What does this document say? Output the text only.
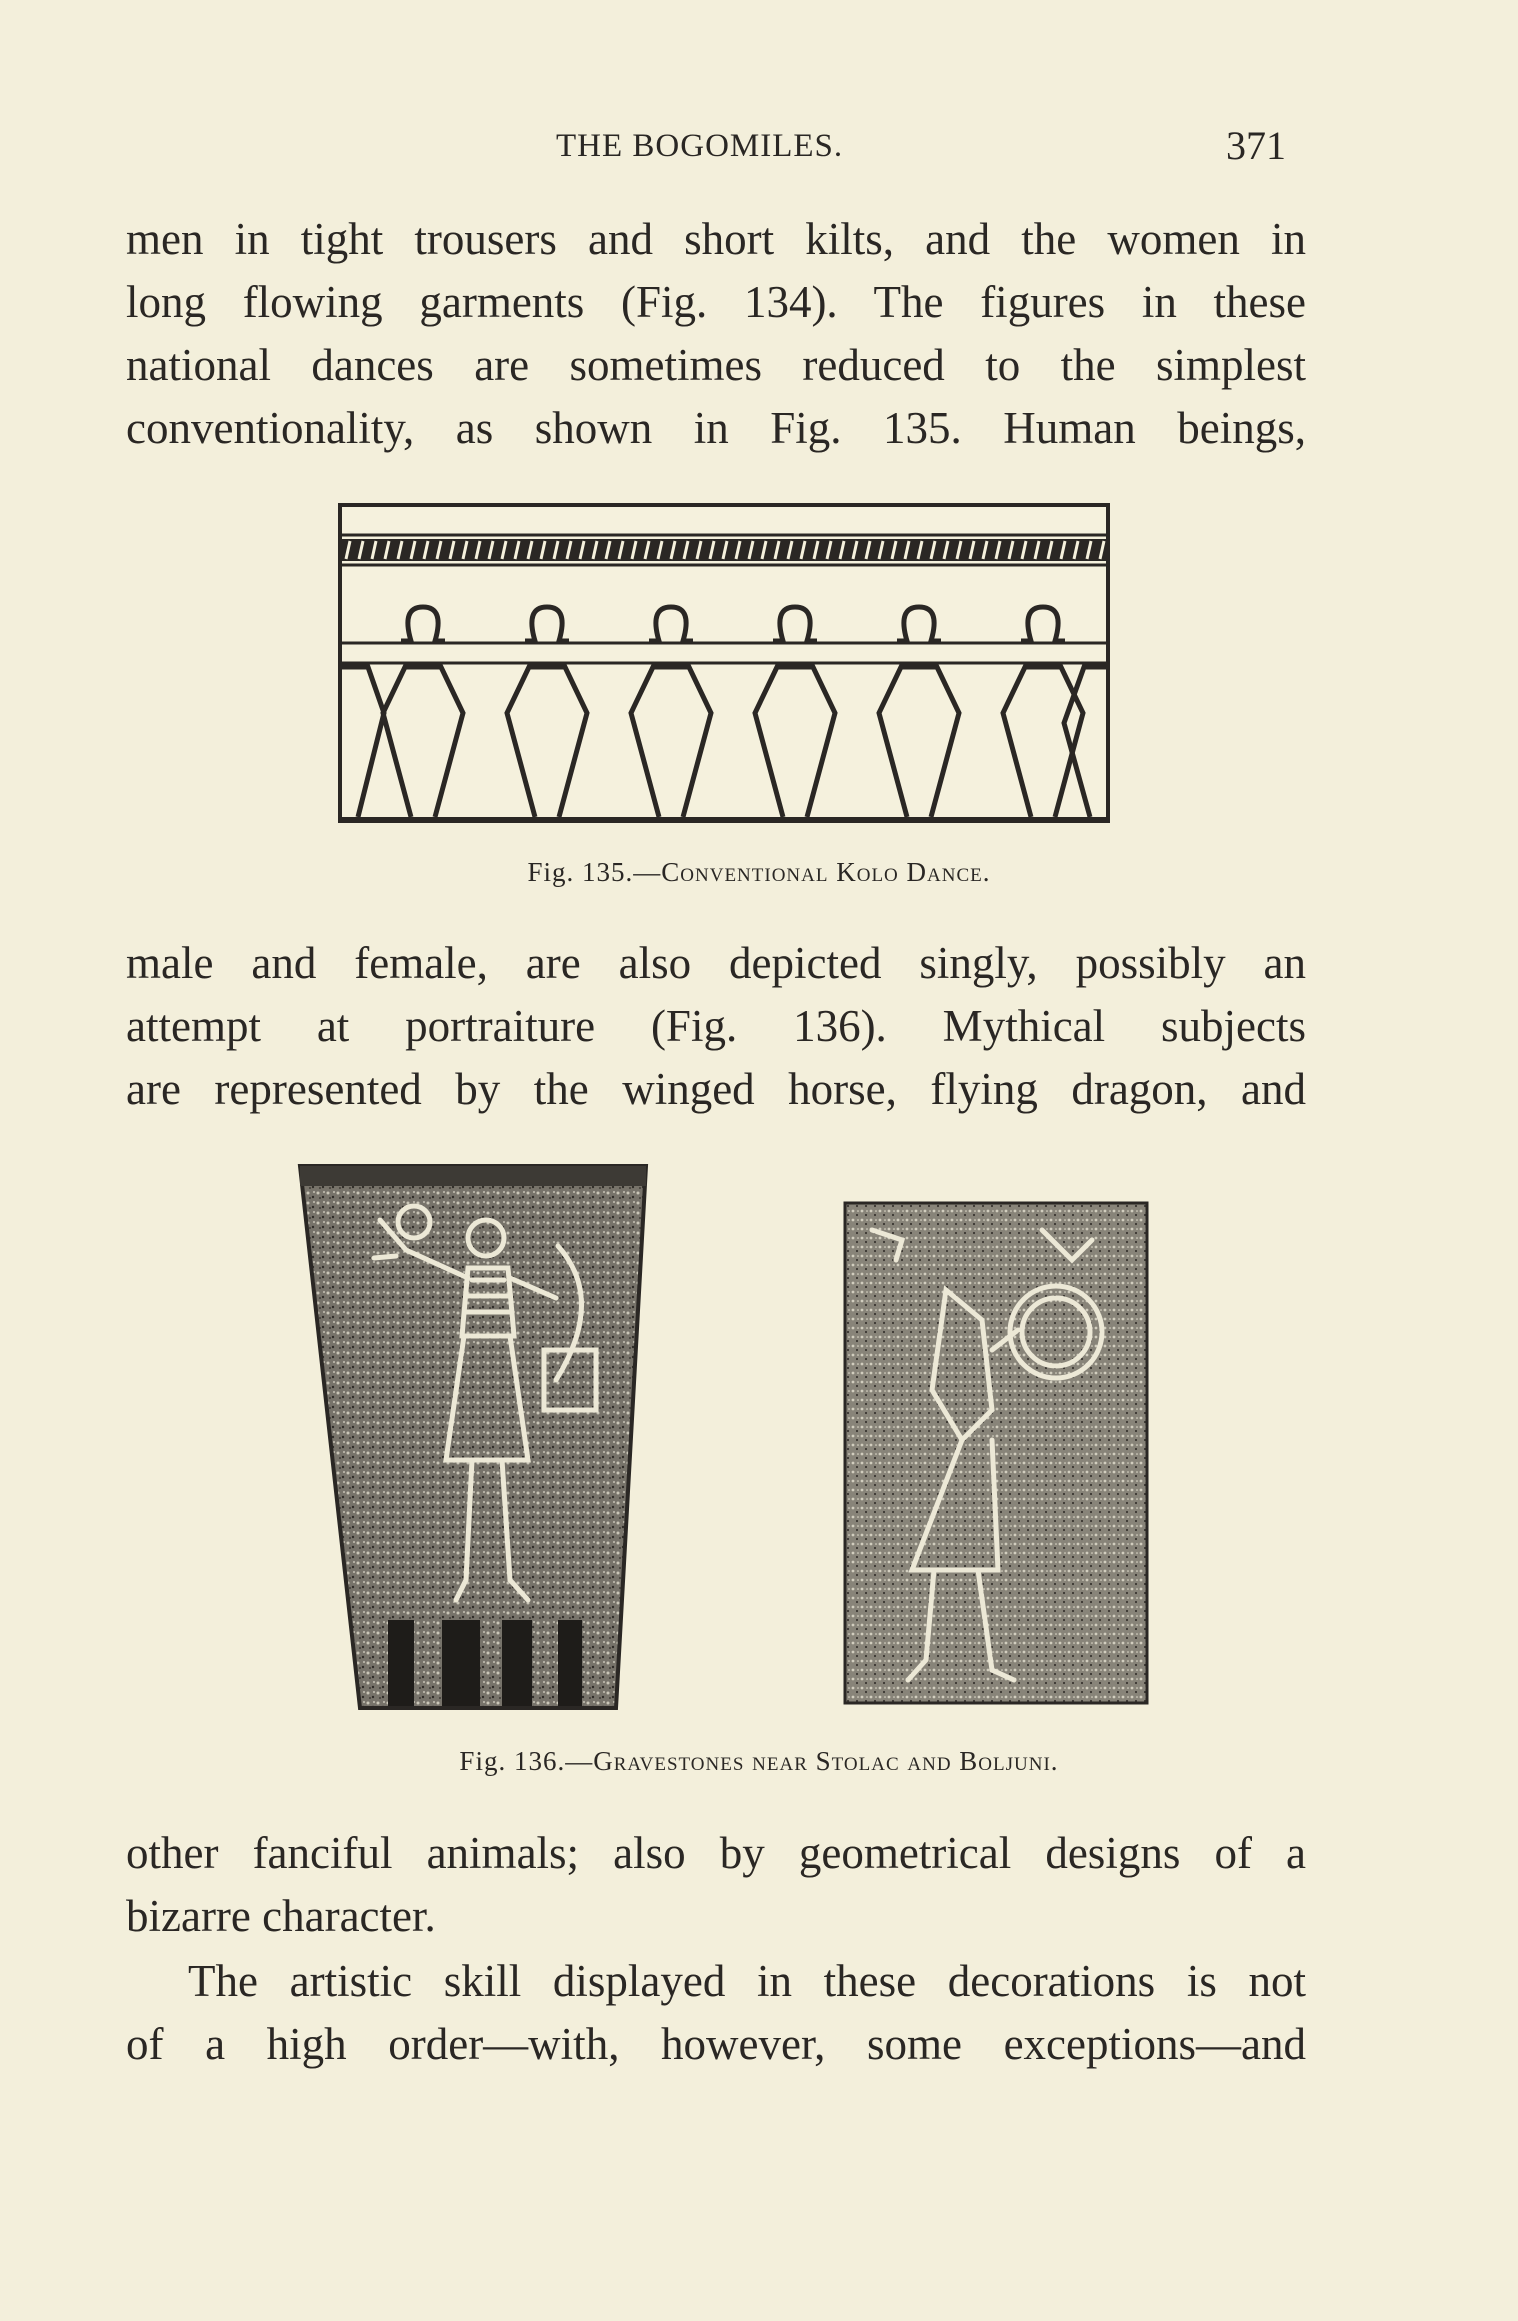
THE BOGOMILES.	371
men in tight trousers and short kilts, and the women in
long flowing garments (Fig. 134). The figures in these
national dances are sometimes reduced to the simplest
conventionality, as shown in Fig. 135. Human beings,
Fig. 135.—Conventional Kolo Dance.
male and female, are also depicted singly, possibly an
attempt at portraiture (Fig. 136). Mythical subjects
are represented by the winged horse, flying dragon, and
Fig. 136.—Gravestones near Stolac and Boljuni.
other fanciful animals; also by geometrical designs of a
bizarre character.
The artistic skill displayed in these decorations is not
of a high order—with, however, some exceptions—and
